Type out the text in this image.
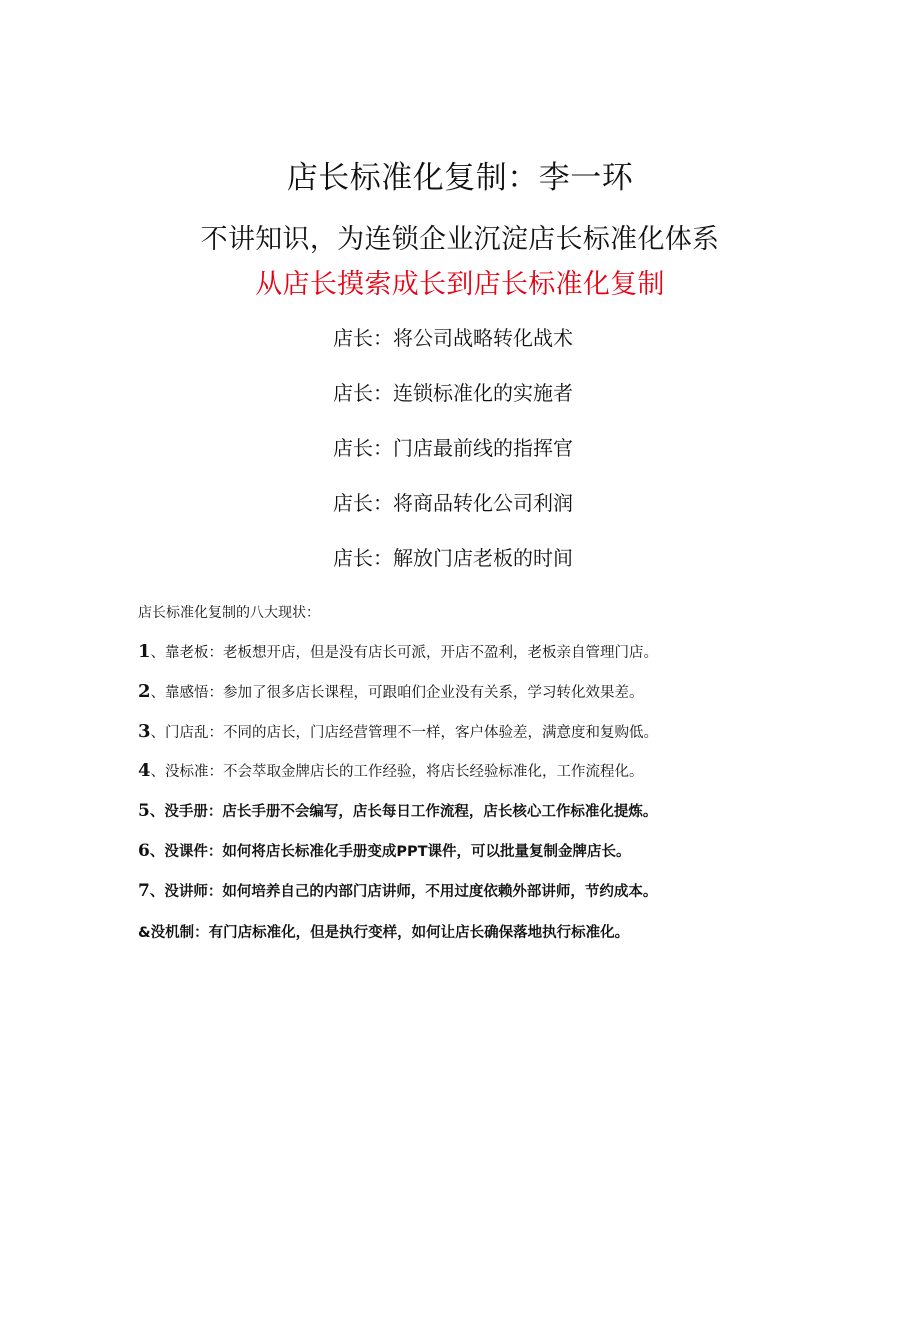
店长标准化复制：李一环
不讲知识，为连锁企业沉淀店长标准化体系
从店长摸索成长到店长标准化复制
店长：将公司战略转化战术
店长：连锁标准化的实施者
店长：门店最前线的指挥官
店长：将商品转化公司利润
店长：解放门店老板的时间
店长标准化复制的八大现状：
1、靠老板：老板想开店，但是没有店长可派，开店不盈利，老板亲自管理门店。
2、靠感悟：参加了很多店长课程，可跟咱们企业没有关系，学习转化效果差。
3、门店乱：不同的店长，门店经营管理不一样，客户体验差，满意度和复购低。
4、没标准：不会萃取金牌店长的工作经验，将店长经验标准化，工作流程化。
5、没手册：店长手册不会编写，店长每日工作流程，店长核心工作标准化提炼。
6、没课件：如何将店长标准化手册变成PPT课件，可以批量复制金牌店长。
7、没讲师：如何培养自己的内部门店讲师，不用过度依赖外部讲师，节约成本。
&没机制：有门店标准化，但是执行变样，如何让店长确保落地执行标准化。
